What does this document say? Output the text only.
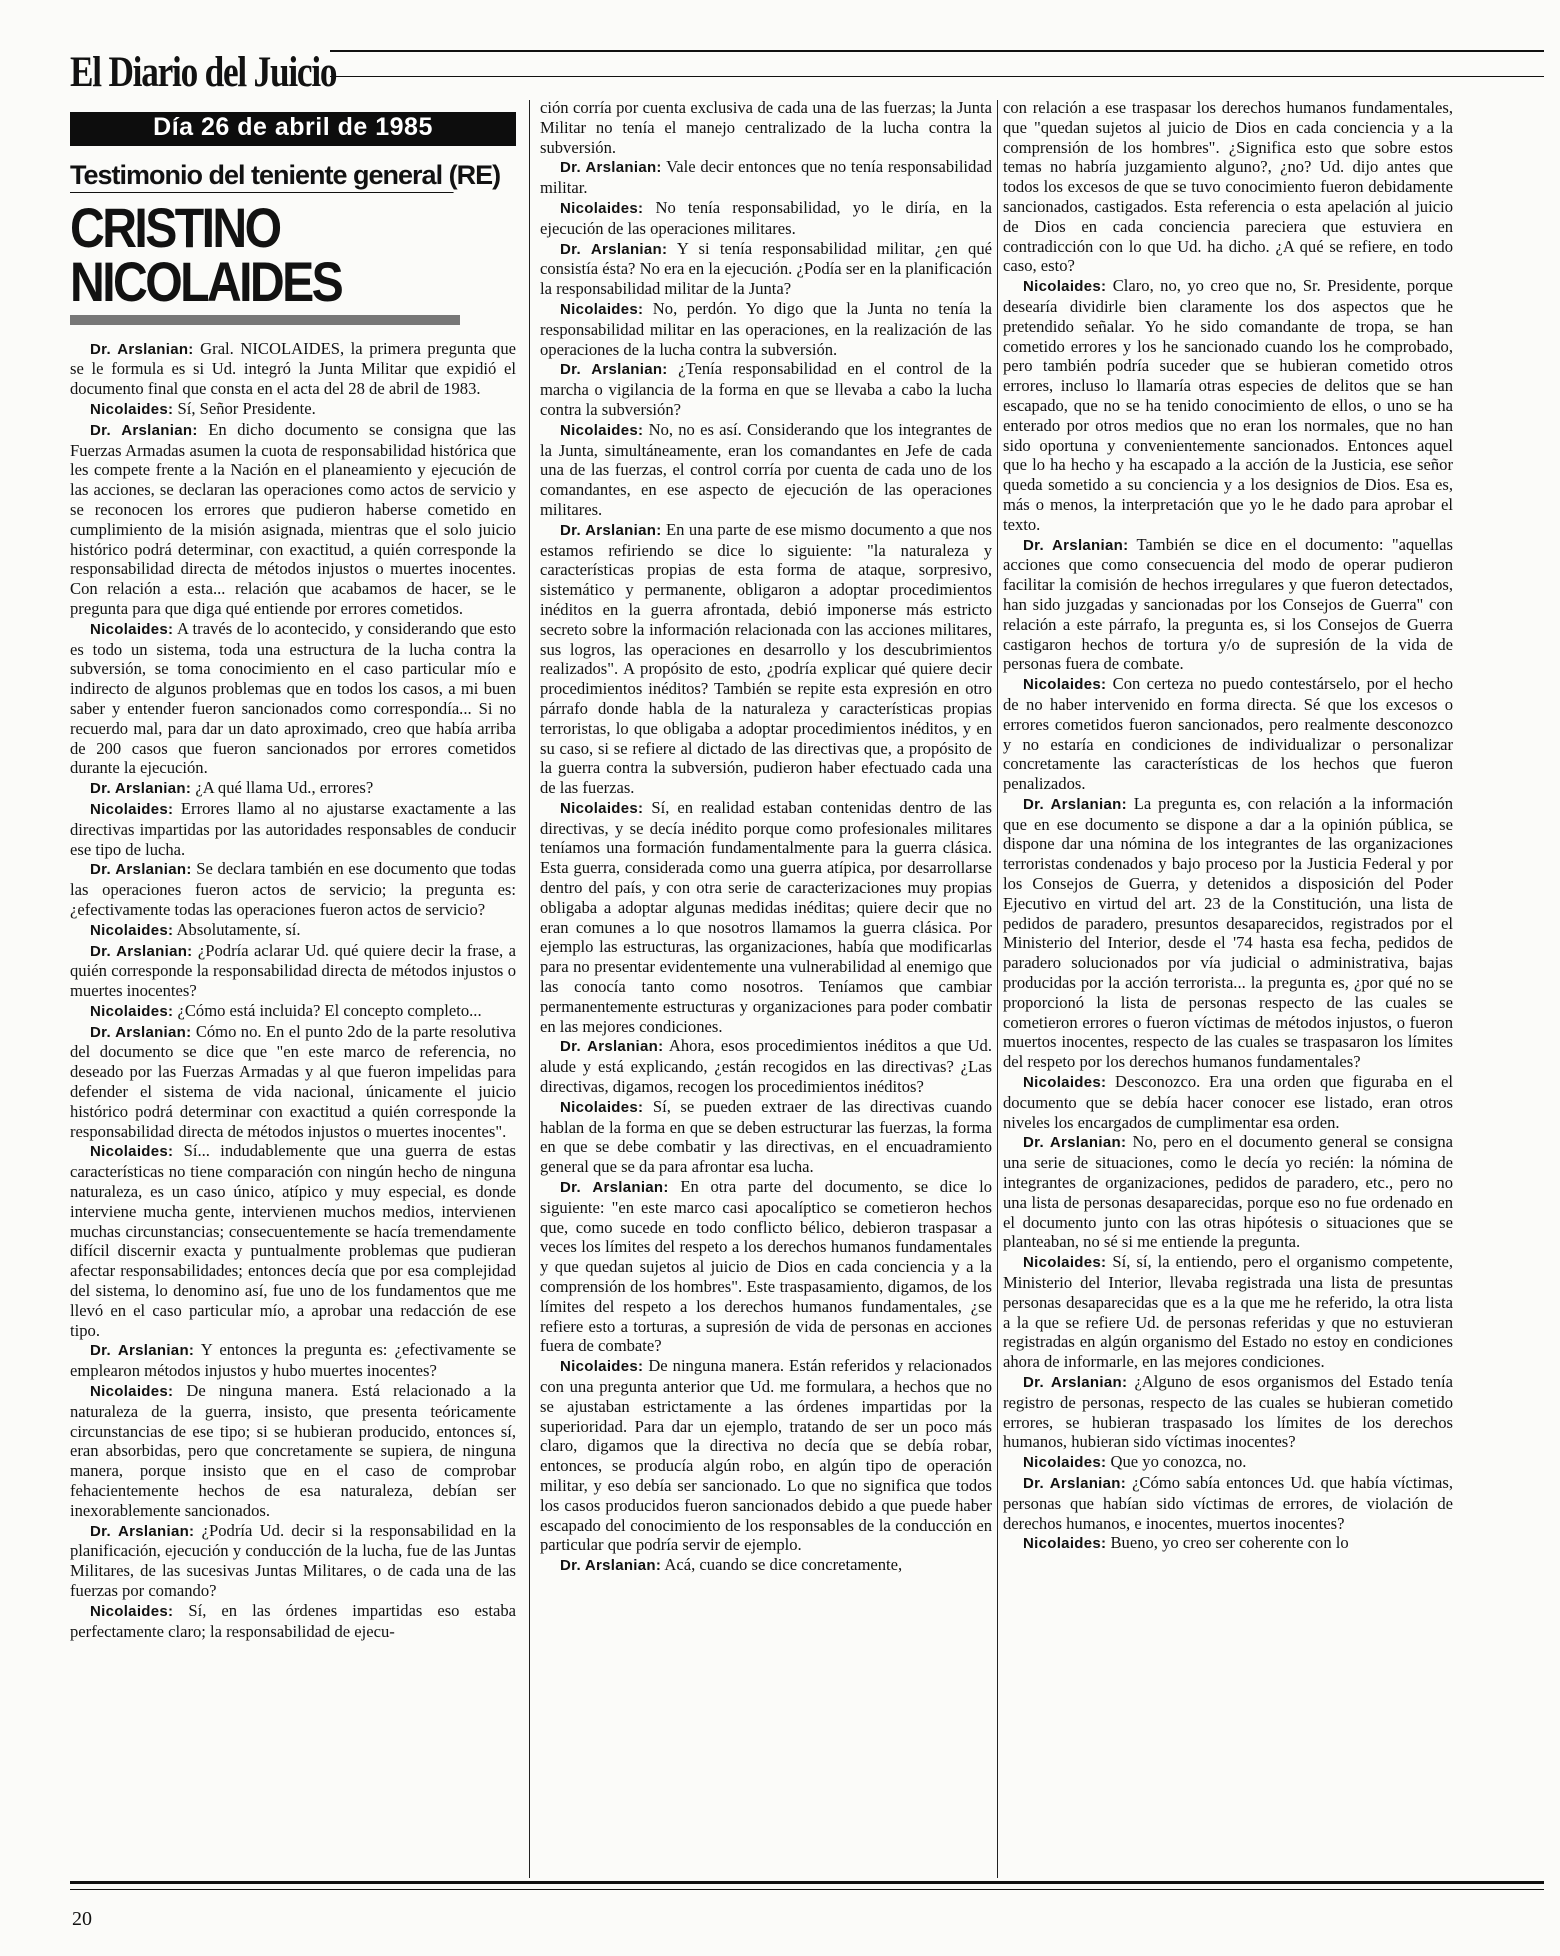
El Diario del Juicio
Día 26 de abril de 1985
Testimonio del teniente general (RE)
CRISTINO NICOLAIDES

Dr. Arslanian: Gral. NICOLAIDES, la primera pregunta que se le formula es si Ud. integró la Junta Militar que expidió el documento final que consta en el acta del 28 de abril de 1983.

Nicolaides: Sí, Señor Presidente.

Dr. Arslanian: En dicho documento se consigna que las Fuerzas Armadas asumen la cuota de responsabilidad histórica que les compete frente a la Nación en el planeamiento y ejecución de las acciones, se declaran las operaciones como actos de servicio y se reconocen los errores que pudieron haberse cometido en cumplimiento de la misión asignada, mientras que el solo juicio histórico podrá determinar, con exactitud, a quién corresponde la responsabilidad directa de métodos injustos o muertes inocentes. Con relación a esta... relación que acabamos de hacer, se le pregunta para que diga qué entiende por errores cometidos.

Nicolaides: A través de lo acontecido, y considerando que esto es todo un sistema, toda una estructura de la lucha contra la subversión, se toma conocimiento en el caso particular mío e indirecto de algunos problemas que en todos los casos, a mi buen saber y entender fueron sancionados como correspondía... Si no recuerdo mal, para dar un dato aproximado, creo que había arriba de 200 casos que fueron sancionados por errores cometidos durante la ejecución.

Dr. Arslanian: ¿A qué llama Ud., errores?

Nicolaides: Errores llamo al no ajustarse exactamente a las directivas impartidas por las autoridades responsables de conducir ese tipo de lucha.

Dr. Arslanian: Se declara también en ese documento que todas las operaciones fueron actos de servicio; la pregunta es: ¿efectivamente todas las operaciones fueron actos de servicio?

Nicolaides: Absolutamente, sí.

Dr. Arslanian: ¿Podría aclarar Ud. qué quiere decir la frase, a quién corresponde la responsabilidad directa de métodos injustos o muertes inocentes?

Nicolaides: ¿Cómo está incluida? El concepto completo...

Dr. Arslanian: Cómo no. En el punto 2do de la parte resolutiva del documento se dice que "en este marco de referencia, no deseado por las Fuerzas Armadas y al que fueron impelidas para defender el sistema de vida nacional, únicamente el juicio histórico podrá determinar con exactitud a quién corresponde la responsabilidad directa de métodos injustos o muertes inocentes".

Nicolaides: Sí... indudablemente que una guerra de estas características no tiene comparación con ningún hecho de ninguna naturaleza, es un caso único, atípico y muy especial, es donde interviene mucha gente, intervienen muchos medios, intervienen muchas circunstancias; consecuentemente se hacía tremendamente difícil discernir exacta y puntualmente problemas que pudieran afectar responsabilidades; entonces decía que por esa complejidad del sistema, lo denomino así, fue uno de los fundamentos que me llevó en el caso particular mío, a aprobar una redacción de ese tipo.

Dr. Arslanian: Y entonces la pregunta es: ¿efectivamente se emplearon métodos injustos y hubo muertes inocentes?

Nicolaides: De ninguna manera. Está relacionado a la naturaleza de la guerra, insisto, que presenta teóricamente circunstancias de ese tipo; si se hubieran producido, entonces sí, eran absorbidas, pero que concretamente se supiera, de ninguna manera, porque insisto que en el caso de comprobar fehacientemente hechos de esa naturaleza, debían ser inexorablemente sancionados.

Dr. Arslanian: ¿Podría Ud. decir si la responsabilidad en la planificación, ejecución y conducción de la lucha, fue de las Juntas Militares, de las sucesivas Juntas Militares, o de cada una de las fuerzas por comando?

Nicolaides: Sí, en las órdenes impartidas eso estaba perfectamente claro; la responsabilidad de ejecu-

ción corría por cuenta exclusiva de cada una de las fuerzas; la Junta Militar no tenía el manejo centralizado de la lucha contra la subversión.

Dr. Arslanian: Vale decir entonces que no tenía responsabilidad militar.

Nicolaides: No tenía responsabilidad, yo le diría, en la ejecución de las operaciones militares.

Dr. Arslanian: Y si tenía responsabilidad militar, ¿en qué consistía ésta? No era en la ejecución. ¿Podía ser en la planificación la responsabilidad militar de la Junta?

Nicolaides: No, perdón. Yo digo que la Junta no tenía la responsabilidad militar en las operaciones, en la realización de las operaciones de la lucha contra la subversión.

Dr. Arslanian: ¿Tenía responsabilidad en el control de la marcha o vigilancia de la forma en que se llevaba a cabo la lucha contra la subversión?

Nicolaides: No, no es así. Considerando que los integrantes de la Junta, simultáneamente, eran los comandantes en Jefe de cada una de las fuerzas, el control corría por cuenta de cada uno de los comandantes, en ese aspecto de ejecución de las operaciones militares.

Dr. Arslanian: En una parte de ese mismo documento a que nos estamos refiriendo se dice lo siguiente: "la naturaleza y características propias de esta forma de ataque, sorpresivo, sistemático y permanente, obligaron a adoptar procedimientos inéditos en la guerra afrontada, debió imponerse más estricto secreto sobre la información relacionada con las acciones militares, sus logros, las operaciones en desarrollo y los descubrimientos realizados". A propósito de esto, ¿podría explicar qué quiere decir procedimientos inéditos? También se repite esta expresión en otro párrafo donde habla de la naturaleza y características propias terroristas, lo que obligaba a adoptar procedimientos inéditos, y en su caso, si se refiere al dictado de las directivas que, a propósito de la guerra contra la subversión, pudieron haber efectuado cada una de las fuerzas.

Nicolaides: Sí, en realidad estaban contenidas dentro de las directivas, y se decía inédito porque como profesionales militares teníamos una formación fundamentalmente para la guerra clásica. Esta guerra, considerada como una guerra atípica, por desarrollarse dentro del país, y con otra serie de caracterizaciones muy propias obligaba a adoptar algunas medidas inéditas; quiere decir que no eran comunes a lo que nosotros llamamos la guerra clásica. Por ejemplo las estructuras, las organizaciones, había que modificarlas para no presentar evidentemente una vulnerabilidad al enemigo que las conocía tanto como nosotros. Teníamos que cambiar permanentemente estructuras y organizaciones para poder combatir en las mejores condiciones.

Dr. Arslanian: Ahora, esos procedimientos inéditos a que Ud. alude y está explicando, ¿están recogidos en las directivas? ¿Las directivas, digamos, recogen los procedimientos inéditos?

Nicolaides: Sí, se pueden extraer de las directivas cuando hablan de la forma en que se deben estructurar las fuerzas, la forma en que se debe combatir y las directivas, en el encuadramiento general que se da para afrontar esa lucha.

Dr. Arslanian: En otra parte del documento, se dice lo siguiente: "en este marco casi apocalíptico se cometieron hechos que, como sucede en todo conflicto bélico, debieron traspasar a veces los límites del respeto a los derechos humanos fundamentales y que quedan sujetos al juicio de Dios en cada conciencia y a la comprensión de los hombres". Este traspasamiento, digamos, de los límites del respeto a los derechos humanos fundamentales, ¿se refiere esto a torturas, a supresión de vida de personas en acciones fuera de combate?

Nicolaides: De ninguna manera. Están referidos y relacionados con una pregunta anterior que Ud. me formulara, a hechos que no se ajustaban estrictamente a las órdenes impartidas por la superioridad. Para dar un ejemplo, tratando de ser un poco más claro, digamos que la directiva no decía que se debía robar, entonces, se producía algún robo, en algún tipo de operación militar, y eso debía ser sancionado. Lo que no significa que todos los casos producidos fueron sancionados debido a que puede haber escapado del conocimiento de los responsables de la conducción en particular que podría servir de ejemplo.

Dr. Arslanian: Acá, cuando se dice concretamente,

con relación a ese traspasar los derechos humanos fundamentales, que "quedan sujetos al juicio de Dios en cada conciencia y a la comprensión de los hombres". ¿Significa esto que sobre estos temas no habría juzgamiento alguno?, ¿no? Ud. dijo antes que todos los excesos de que se tuvo conocimiento fueron debidamente sancionados, castigados. Esta referencia o esta apelación al juicio de Dios en cada conciencia pareciera que estuviera en contradicción con lo que Ud. ha dicho. ¿A qué se refiere, en todo caso, esto?

Nicolaides: Claro, no, yo creo que no, Sr. Presidente, porque desearía dividirle bien claramente los dos aspectos que he pretendido señalar. Yo he sido comandante de tropa, se han cometido errores y los he sancionado cuando los he comprobado, pero también podría suceder que se hubieran cometido otros errores, incluso lo llamaría otras especies de delitos que se han escapado, que no se ha tenido conocimiento de ellos, o uno se ha enterado por otros medios que no eran los normales, que no han sido oportuna y convenientemente sancionados. Entonces aquel que lo ha hecho y ha escapado a la acción de la Justicia, ese señor queda sometido a su conciencia y a los designios de Dios. Esa es, más o menos, la interpretación que yo le he dado para aprobar el texto.

Dr. Arslanian: También se dice en el documento: "aquellas acciones que como consecuencia del modo de operar pudieron facilitar la comisión de hechos irregulares y que fueron detectados, han sido juzgadas y sancionadas por los Consejos de Guerra" con relación a este párrafo, la pregunta es, si los Consejos de Guerra castigaron hechos de tortura y/o de supresión de la vida de personas fuera de combate.

Nicolaides: Con certeza no puedo contestárselo, por el hecho de no haber intervenido en forma directa. Sé que los excesos o errores cometidos fueron sancionados, pero realmente desconozco y no estaría en condiciones de individualizar o personalizar concretamente las características de los hechos que fueron penalizados.

Dr. Arslanian: La pregunta es, con relación a la información que en ese documento se dispone a dar a la opinión pública, se dispone dar una nómina de los integrantes de las organizaciones terroristas condenados y bajo proceso por la Justicia Federal y por los Consejos de Guerra, y detenidos a disposición del Poder Ejecutivo en virtud del art. 23 de la Constitución, una lista de pedidos de paradero, presuntos desaparecidos, registrados por el Ministerio del Interior, desde el '74 hasta esa fecha, pedidos de paradero solucionados por vía judicial o administrativa, bajas producidas por la acción terrorista... la pregunta es, ¿por qué no se proporcionó la lista de personas respecto de las cuales se cometieron errores o fueron víctimas de métodos injustos, o fueron muertos inocentes, respecto de las cuales se traspasaron los límites del respeto por los derechos humanos fundamentales?

Nicolaides: Desconozco. Era una orden que figuraba en el documento que se debía hacer conocer ese listado, eran otros niveles los encargados de cumplimentar esa orden.

Dr. Arslanian: No, pero en el documento general se consigna una serie de situaciones, como le decía yo recién: la nómina de integrantes de organizaciones, pedidos de paradero, etc., pero no una lista de personas desaparecidas, porque eso no fue ordenado en el documento junto con las otras hipótesis o situaciones que se planteaban, no sé si me entiende la pregunta.

Nicolaides: Sí, sí, la entiendo, pero el organismo competente, Ministerio del Interior, llevaba registrada una lista de presuntas personas desaparecidas que es a la que me he referido, la otra lista a la que se refiere Ud. de personas referidas y que no estuvieran registradas en algún organismo del Estado no estoy en condiciones ahora de informarle, en las mejores condiciones.

Dr. Arslanian: ¿Alguno de esos organismos del Estado tenía registro de personas, respecto de las cuales se hubieran cometido errores, se hubieran traspasado los límites de los derechos humanos, hubieran sido víctimas inocentes?

Nicolaides: Que yo conozca, no.

Dr. Arslanian: ¿Cómo sabía entonces Ud. que había víctimas, personas que habían sido víctimas de errores, de violación de derechos humanos, e inocentes, muertos inocentes?

Nicolaides: Bueno, yo creo ser coherente con lo

20
